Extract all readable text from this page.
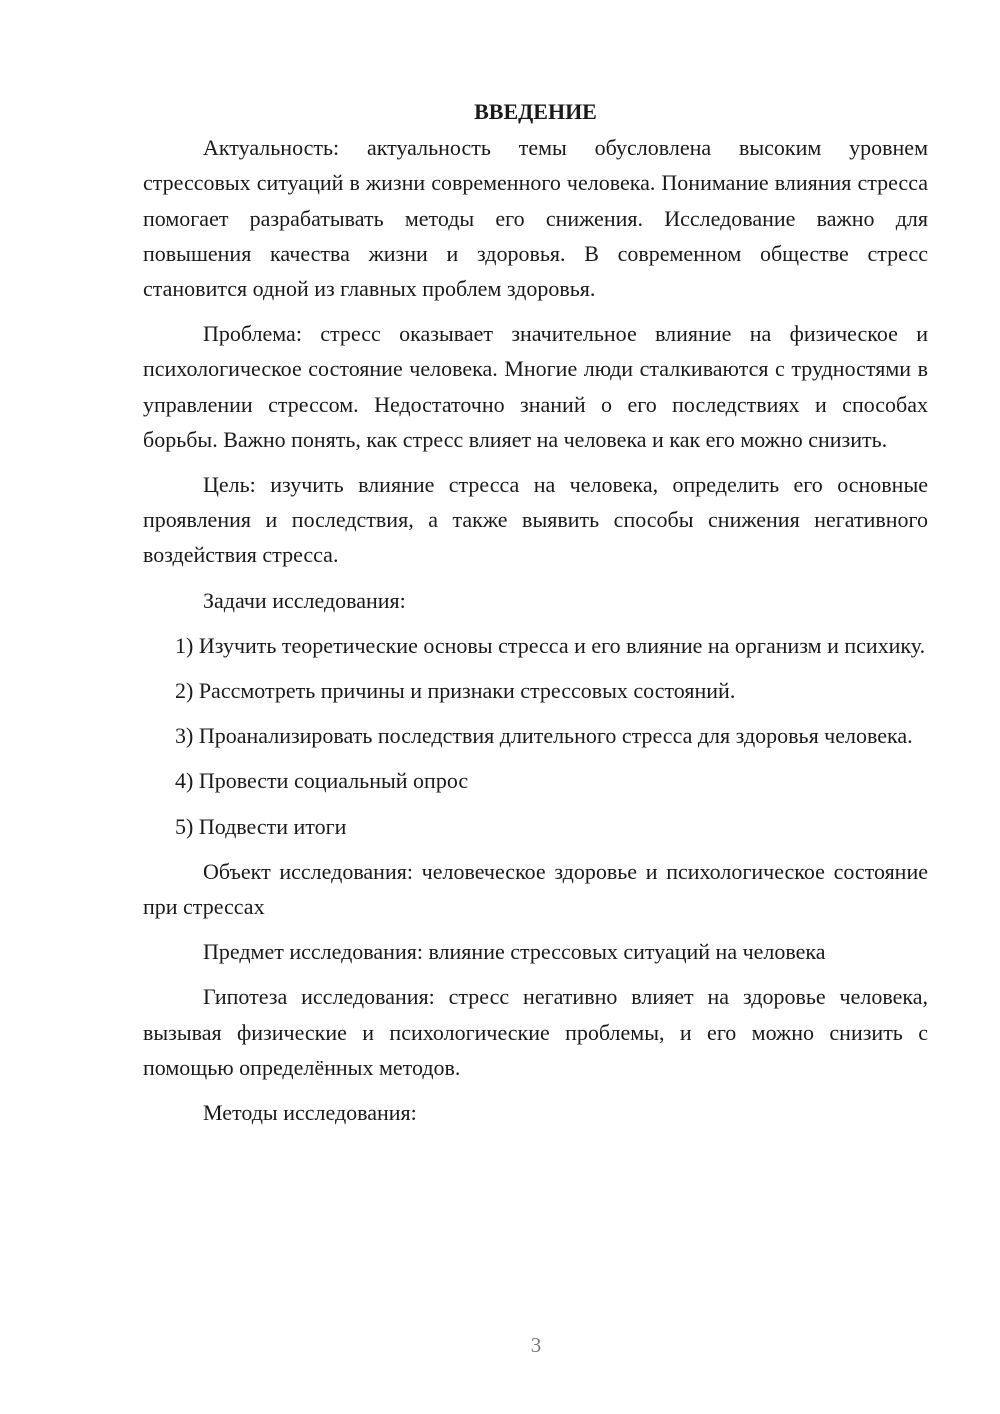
ВВЕДЕНИЕ

Актуальность: актуальность темы обусловлена высоким уровнем стрессовых ситуаций в жизни современного человека. Понимание влияния стресса помогает разрабатывать методы его снижения. Исследование важно для повышения качества жизни и здоровья. В современном обществе стресс становится одной из главных проблем здоровья.

Проблема: стресс оказывает значительное влияние на физическое и психологическое состояние человека. Многие люди сталкиваются с трудностями в управлении стрессом. Недостаточно знаний о его последствиях и способах борьбы. Важно понять, как стресс влияет на человека и как его можно снизить.

Цель: изучить влияние стресса на человека, определить его основные проявления и последствия, а также выявить способы снижения негативного воздействия стресса.

Задачи исследования:

1) Изучить теоретические основы стресса и его влияние на организм и психику.

2) Рассмотреть причины и признаки стрессовых состояний.

3) Проанализировать последствия длительного стресса для здоровья человека.

4) Провести социальный опрос

5) Подвести итоги

Объект исследования: человеческое здоровье и психологическое состояние при стрессах

Предмет исследования: влияние стрессовых ситуаций на человека

Гипотеза исследования: стресс негативно влияет на здоровье человека, вызывая физические и психологические проблемы, и его можно снизить с помощью определённых методов.

Методы исследования:

3
